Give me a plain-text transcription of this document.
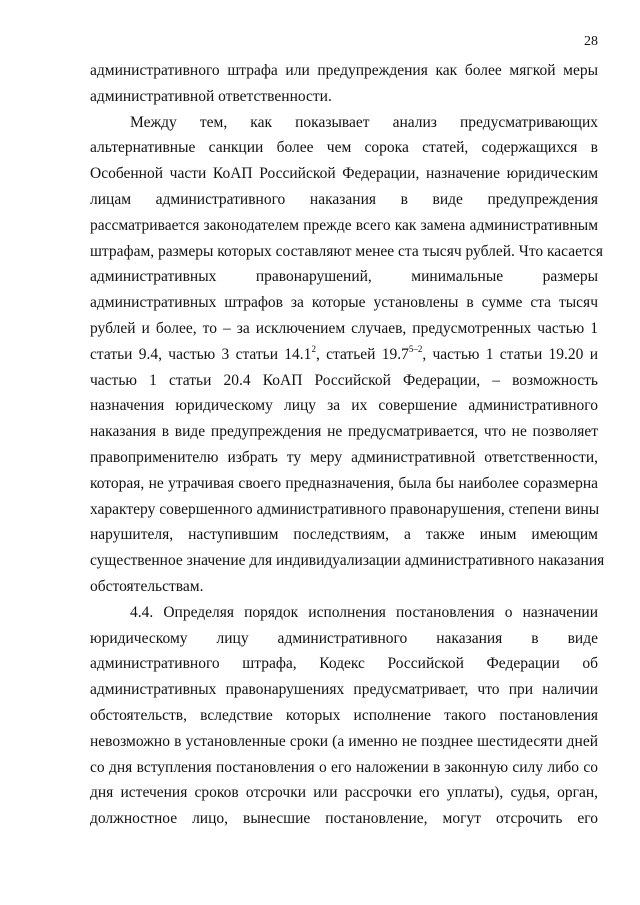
28

административного штрафа или предупреждения как более мягкой меры
административной ответственности.
Между тем, как показывает анализ предусматривающих
альтернативные санкции более чем сорока статей, содержащихся в
Особенной части КоАП Российской Федерации, назначение юридическим
лицам административного наказания в виде предупреждения
рассматривается законодателем прежде всего как замена административным
штрафам, размеры которых составляют менее ста тысяч рублей. Что касается
административных правонарушений, минимальные размеры
административных штрафов за которые установлены в сумме ста тысяч
рублей и более, то – за исключением случаев, предусмотренных частью 1
статьи 9.4, частью 3 статьи 14.1$^2$, статьей 19.7$^{5-2}$, частью 1 статьи 19.20 и
частью 1 статьи 20.4 КоАП Российской Федерации, – возможность
назначения юридическому лицу за их совершение административного
наказания в виде предупреждения не предусматривается, что не позволяет
правоприменителю избрать ту меру административной ответственности,
которая, не утрачивая своего предназначения, была бы наиболее соразмерна
характеру совершенного административного правонарушения, степени вины
нарушителя, наступившим последствиям, а также иным имеющим
существенное значение для индивидуализации административного наказания
обстоятельствам.
4.4. Определяя порядок исполнения постановления о назначении
юридическому лицу административного наказания в виде
административного штрафа, Кодекс Российской Федерации об
административных правонарушениях предусматривает, что при наличии
обстоятельств, вследствие которых исполнение такого постановления
невозможно в установленные сроки (а именно не позднее шестидесяти дней
со дня вступления постановления о его наложении в законную силу либо со
дня истечения сроков отсрочки или рассрочки его уплаты), судья, орган,
должностное лицо, вынесшие постановление, могут отсрочить его
